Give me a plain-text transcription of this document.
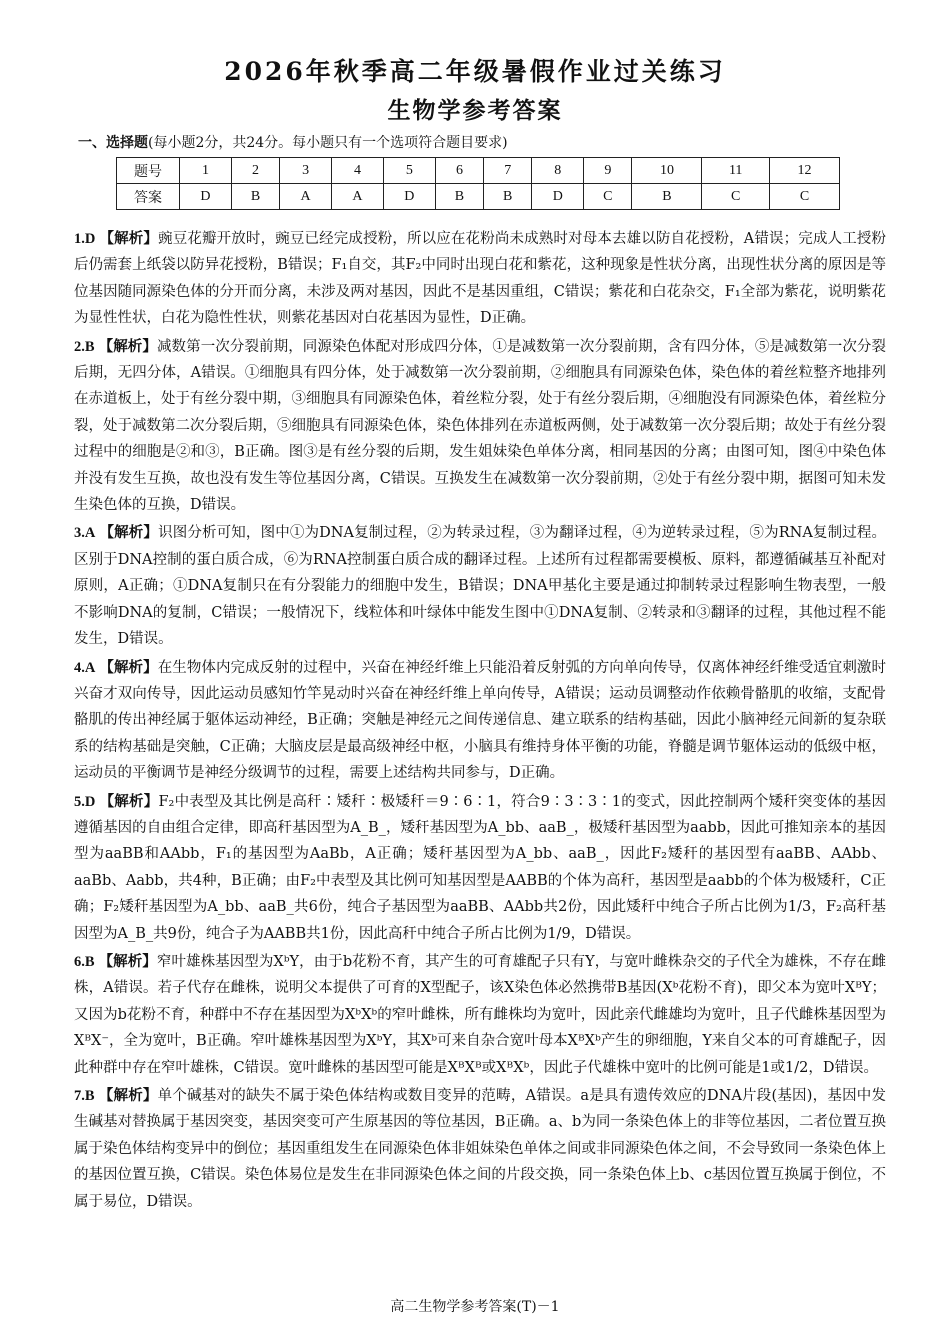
2026年秋季高二年级暑假作业过关练习
生物学参考答案
一、选择题(每小题2分，共24分。每小题只有一个选项符合题目要求)
题号	1	2	3	4	5	6	7	8	9	10	11	12
答案	D	B	A	A	D	B	B	D	C	B	C	C

1.D 【解析】豌豆花瓣开放时，豌豆已经完成授粉，所以应在花粉尚未成熟时对母本去雄以防自花授粉，A错误；完成人工授粉后仍需套上纸袋以防异花授粉，B错误；F₁自交，其F₂中同时出现白花和紫花，这种现象是性状分离，出现性状分离的原因是等位基因随同源染色体的分开而分离，未涉及两对基因，因此不是基因重组，C错误；紫花和白花杂交，F₁全部为紫花，说明紫花为显性性状，白花为隐性性状，则紫花基因对白花基因为显性，D正确。

2.B 【解析】减数第一次分裂前期，同源染色体配对形成四分体，①是减数第一次分裂前期，含有四分体，⑤是减数第一次分裂后期，无四分体，A错误。①细胞具有四分体，处于减数第一次分裂前期，②细胞具有同源染色体，染色体的着丝粒整齐地排列在赤道板上，处于有丝分裂中期，③细胞具有同源染色体，着丝粒分裂，处于有丝分裂后期，④细胞没有同源染色体，着丝粒分裂，处于减数第二次分裂后期，⑤细胞具有同源染色体，染色体排列在赤道板两侧，处于减数第一次分裂后期；故处于有丝分裂过程中的细胞是②和③，B正确。图③是有丝分裂的后期，发生姐妹染色单体分离，相同基因的分离；由图可知，图④中染色体并没有发生互换，故也没有发生等位基因分离，C错误。互换发生在减数第一次分裂前期，②处于有丝分裂中期，据图可知未发生染色体的互换，D错误。

3.A 【解析】识图分析可知，图中①为DNA复制过程，②为转录过程，③为翻译过程，④为逆转录过程，⑤为RNA复制过程。区别于DNA控制的蛋白质合成，⑥为RNA控制蛋白质合成的翻译过程。上述所有过程都需要模板、原料，都遵循碱基互补配对原则，A正确；①DNA复制只在有分裂能力的细胞中发生，B错误；DNA甲基化主要是通过抑制转录过程影响生物表型，一般不影响DNA的复制，C错误；一般情况下，线粒体和叶绿体中能发生图中①DNA复制、②转录和③翻译的过程，其他过程不能发生，D错误。

4.A 【解析】在生物体内完成反射的过程中，兴奋在神经纤维上只能沿着反射弧的方向单向传导，仅离体神经纤维受适宜刺激时兴奋才双向传导，因此运动员感知竹竿晃动时兴奋在神经纤维上单向传导，A错误；运动员调整动作依赖骨骼肌的收缩，支配骨骼肌的传出神经属于躯体运动神经，B正确；突触是神经元之间传递信息、建立联系的结构基础，因此小脑神经元间新的复杂联系的结构基础是突触，C正确；大脑皮层是最高级神经中枢，小脑具有维持身体平衡的功能，脊髓是调节躯体运动的低级中枢，运动员的平衡调节是神经分级调节的过程，需要上述结构共同参与，D正确。

5.D 【解析】F₂中表型及其比例是高秆∶矮秆∶极矮秆＝9∶6∶1，符合9∶3∶3∶1的变式，因此控制两个矮秆突变体的基因遵循基因的自由组合定律，即高秆基因型为A_B_，矮秆基因型为A_bb、aaB_，极矮秆基因型为aabb，因此可推知亲本的基因型为aaBB和AAbb，F₁的基因型为AaBb，A正确；矮秆基因型为A_bb、aaB_，因此F₂矮秆的基因型有aaBB、AAbb、aaBb、Aabb，共4种，B正确；由F₂中表型及其比例可知基因型是AABB的个体为高秆，基因型是aabb的个体为极矮秆，C正确；F₂矮秆基因型为A_bb、aaB_共6份，纯合子基因型为aaBB、AAbb共2份，因此矮秆中纯合子所占比例为1/3，F₂高秆基因型为A_B_共9份，纯合子为AABB共1份，因此高秆中纯合子所占比例为1/9，D错误。

6.B 【解析】窄叶雄株基因型为XᵇY，由于b花粉不育，其产生的可育雄配子只有Y，与宽叶雌株杂交的子代全为雄株，不存在雌株，A错误。若子代存在雌株，说明父本提供了可育的X型配子，该X染色体必然携带B基因(Xᵇ花粉不育)，即父本为宽叶XᴮY；又因为b花粉不育，种群中不存在基因型为XᵇXᵇ的窄叶雌株，所有雌株均为宽叶，因此亲代雌雄均为宽叶，且子代雌株基因型为XᴮX⁻，全为宽叶，B正确。窄叶雄株基因型为XᵇY，其Xᵇ可来自杂合宽叶母本XᴮXᵇ产生的卵细胞，Y来自父本的可育雄配子，因此种群中存在窄叶雄株，C错误。宽叶雌株的基因型可能是XᴮXᴮ或XᴮXᵇ，因此子代雄株中宽叶的比例可能是1或1/2，D错误。

7.B 【解析】单个碱基对的缺失不属于染色体结构或数目变异的范畴，A错误。a是具有遗传效应的DNA片段(基因)，基因中发生碱基对替换属于基因突变，基因突变可产生原基因的等位基因，B正确。a、b为同一条染色体上的非等位基因，二者位置互换属于染色体结构变异中的倒位；基因重组发生在同源染色体非姐妹染色单体之间或非同源染色体之间，不会导致同一条染色体上的基因位置互换，C错误。染色体易位是发生在非同源染色体之间的片段交换，同一条染色体上b、c基因位置互换属于倒位，不属于易位，D错误。

高二生物学参考答案(T)－1
